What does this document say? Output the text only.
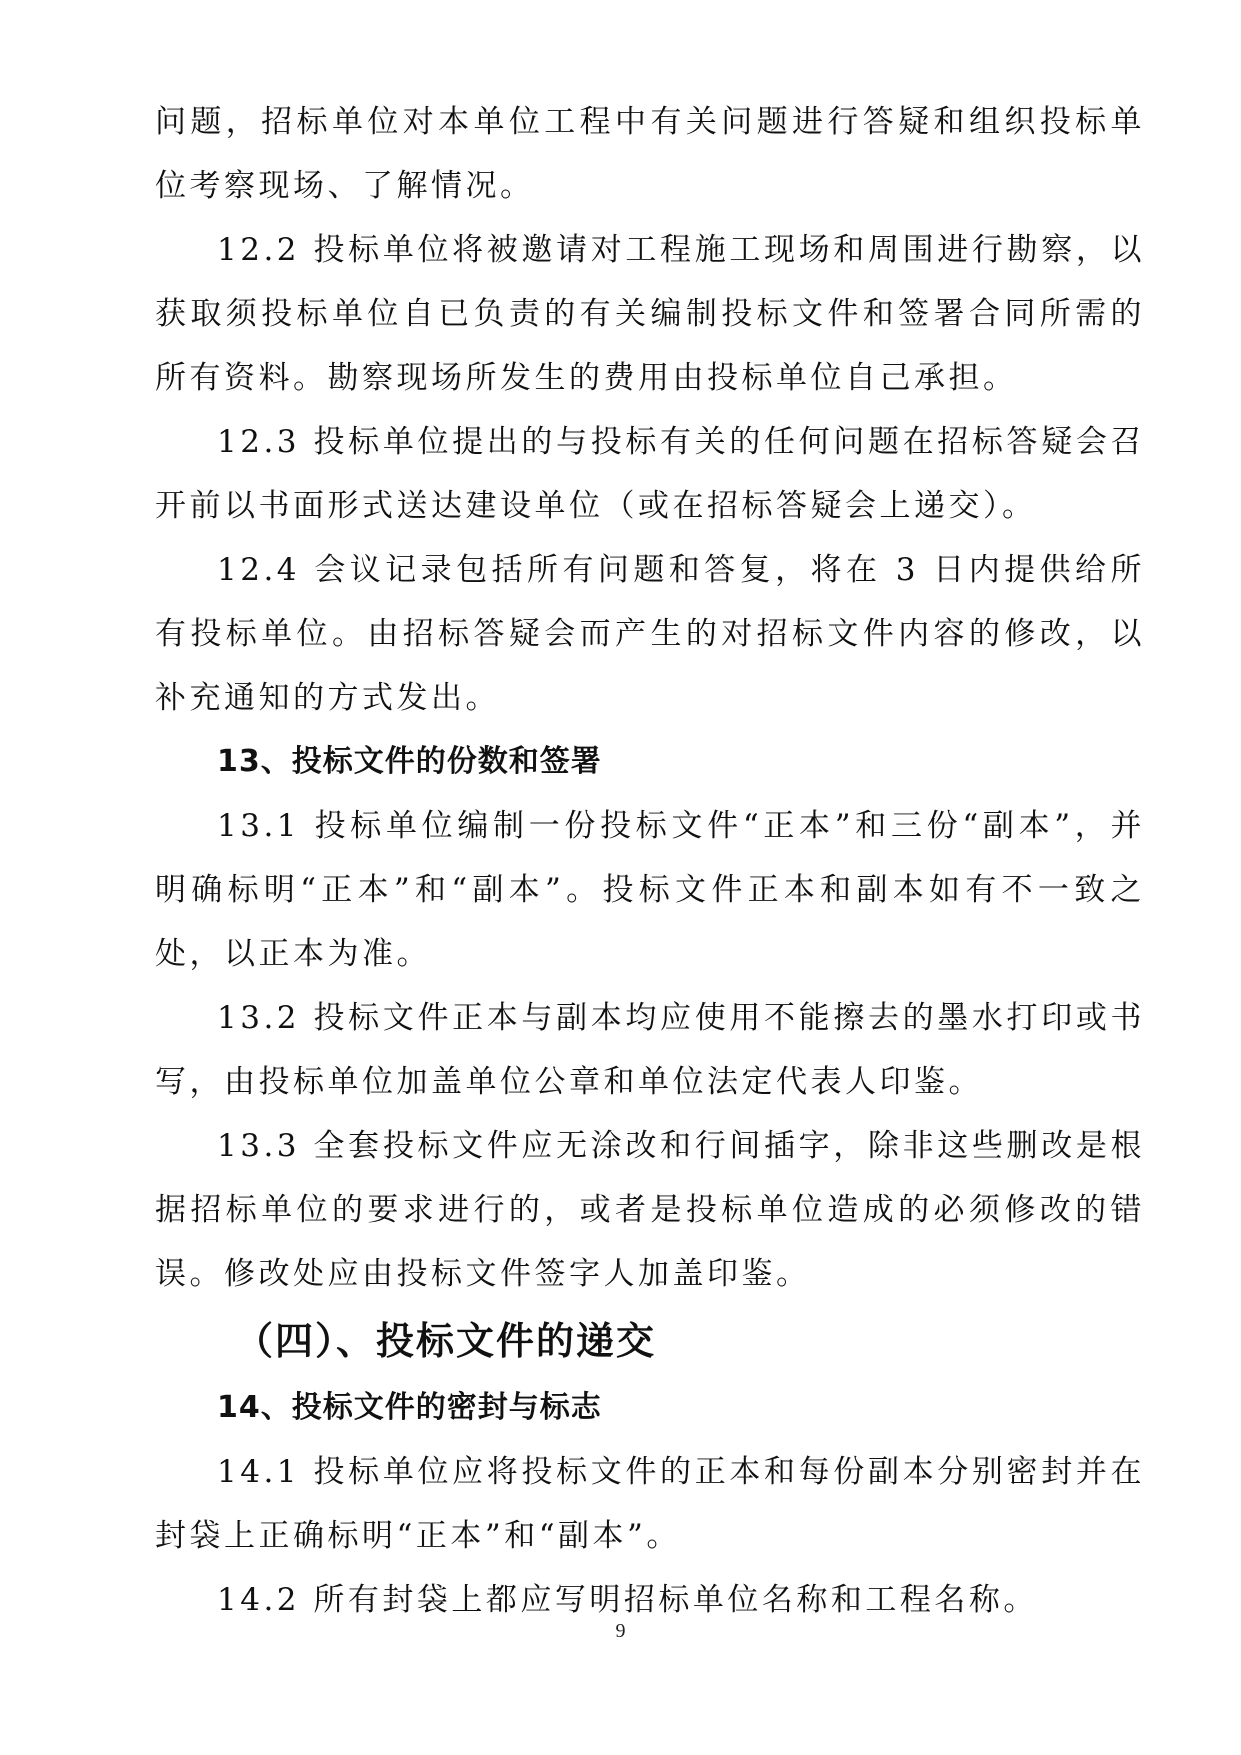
问题，招标单位对本单位工程中有关问题进行答疑和组织投标单位考察现场、了解情况。

12.2 投标单位将被邀请对工程施工现场和周围进行勘察，以获取须投标单位自已负责的有关编制投标文件和签署合同所需的所有资料。勘察现场所发生的费用由投标单位自己承担。

12.3 投标单位提出的与投标有关的任何问题在招标答疑会召开前以书面形式送达建设单位（或在招标答疑会上递交）。

12.4 会议记录包括所有问题和答复，将在 3 日内提供给所有投标单位。由招标答疑会而产生的对招标文件内容的修改，以补充通知的方式发出。

13、投标文件的份数和签署

13.1 投标单位编制一份投标文件“正本”和三份“副本”，并明确标明“正本”和“副本”。投标文件正本和副本如有不一致之处，以正本为准。

13.2 投标文件正本与副本均应使用不能擦去的墨水打印或书写，由投标单位加盖单位公章和单位法定代表人印鉴。

13.3 全套投标文件应无涂改和行间插字，除非这些删改是根据招标单位的要求进行的，或者是投标单位造成的必须修改的错误。修改处应由投标文件签字人加盖印鉴。

（四）、投标文件的递交
14、投标文件的密封与标志

14.1 投标单位应将投标文件的正本和每份副本分别密封并在封袋上正确标明“正本”和“副本”。

14.2 所有封袋上都应写明招标单位名称和工程名称。

9
